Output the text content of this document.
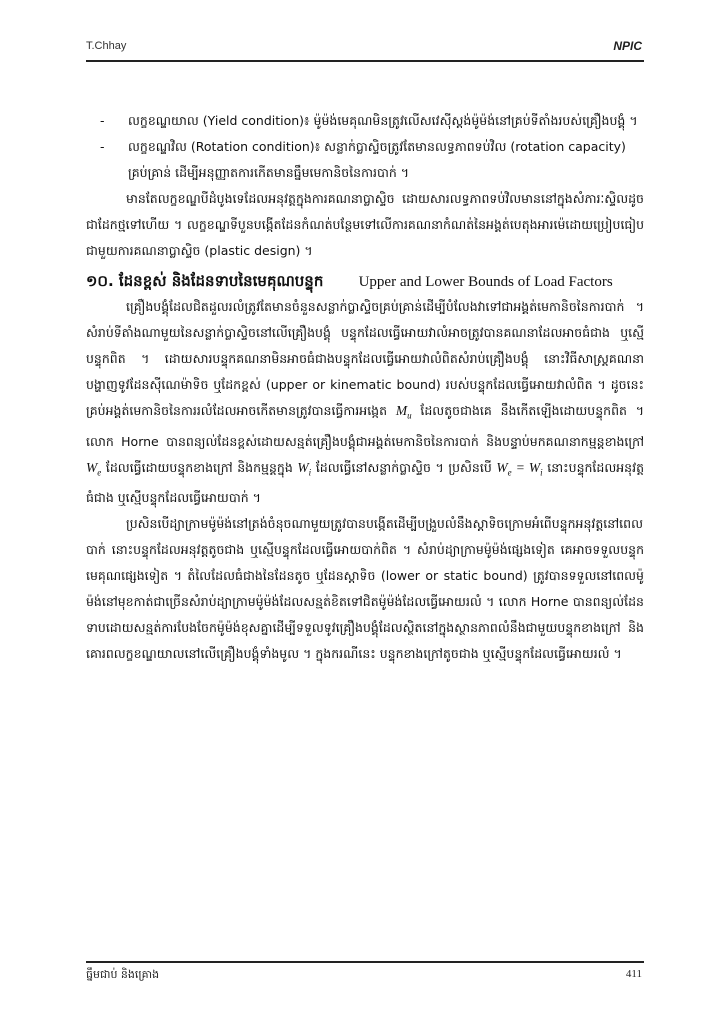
T.Chhay	NPIC
- លក្ខខណ្ឌយាល (Yield condition)៖ ម៉ូម៉ង់មេគុណមិនត្រូវលើសវេស៊ីស្តង់ម៉ូម៉ង់នៅគ្រប់ទីតាំងរបស់គ្រឿងបង្គុំ ។
- លក្ខខណ្ឌវិល (Rotation condition)៖ សន្លាក់ប្លាស្ទិចត្រូវតែមានលទ្ធភាពទប់វិល (rotation capacity) គ្រប់គ្រាន់ ដើម្បីអនុញ្ញាតការកើតមានធ្នឹមមេកានិចនៃការបាក់ ។
មានតែលក្ខខណ្ឌបីដំបូងទេដែលអនុវត្តក្នុងការគណនាប្លាស្ទិច ដោយសារលទ្ធភាពទប់វិលមាននៅក្នុងសំភារៈស្ទិលដូចជាដែកថ្មទៅហើយ ។ លក្ខខណ្ឌទីបួនបង្កើតដែនកំណត់បន្ថែមទៅលើការគណនាកំណត់នៃអង្គត់បេតុងអារម៉េដោយប្រៀបធៀបជាមួយការគណនាប្លាស្ទិច (plastic design) ។
១០. ដែនខ្ពស់ និងដែនទាបនៃមេគុណបន្ទុក Upper and Lower Bounds of Load Factors
គ្រឿងបង្គុំដែលជិតដួលរលំត្រូវតែមានចំនួនសន្លាក់ប្លាស្ទិចគ្រប់គ្រាន់ដើម្បីបំលែងវាទៅជាអង្គត់មេកានិចនៃការបាក់ ។ សំរាប់ទីតាំងណាមួយនៃសន្លាក់ប្លាស្ទិចនៅលើគ្រឿងបង្គុំ បន្ទុកដែលធ្វើអោយវាលំអាចត្រូវបានគណនាដែលអាចធំជាង ឬស្មើបន្ទុកពិត ។ ដោយសារបន្ទុកគណនាមិនអាចធំជាងបន្ទុកដែលធ្វើអោយវាលំពិតសំរាប់គ្រឿងបង្គុំ នោះវិធីសាស្រ្តគណនាបង្ហាញទូវដែនស៊ីណេម៉ាទិច ឬដែកខ្ពស់ (upper or kinematic bound) របស់បន្ទុកដែលធ្វើអោយវាលំពិត ។ ដូចនេះគ្រប់អង្គត់មេកានិចនៃការរលំដែលអាចកើតមានត្រូវបានធ្វើការអង្កេត $M_u$ ដែលតូចជាងគេ នឹងកើតឡើងដោយបន្ទុកពិត ។ លោក Horne បានពន្យល់ដែនខ្ពស់ដោយសន្មត់គ្រឿងបង្គុំជាអង្គត់មេកានិចនៃការបាក់ និងបន្ទាប់មកគណនាកម្មន្តខាងក្រៅ $W_e$ ដែលធ្វើដោយបន្ទុកខាងក្រៅ និងកម្មន្តក្នុង $W_i$ ដែលធ្វើនៅសន្លាក់ប្លាស្ទិច ។ ប្រសិនបើ $W_e = W_i$ នោះបន្ទុកដែលអនុវត្តធំជាង ឬស្មើបន្ទុកដែលធ្វើអោយបាក់ ។
ប្រសិនបើដ្យាក្រាមម៉ូម៉ង់នៅត្រង់ចំនុចណាមួយត្រូវបានបង្កើតដើម្បីបង្រួបលំនឹងស្តាទិចក្រោមអំពើបន្ទុកអនុវត្តនៅពេលបាក់ នោះបន្ទុកដែលអនុវត្តតូចជាង ឬស្មើបន្ទុកដែលធ្វើអោយបាក់ពិត ។ សំរាប់ដ្យាក្រាមម៉ូម៉ង់ផ្សេងទៀត គេអាចទទួលបន្ទុកមេគុណផ្សេងទៀត ។ តំលៃដែលធំជាងនៃដែនតូច ឬដែនស្តាទិច (lower or static bound) ត្រូវបានទទួលនៅពេលម៉ូម៉ង់នៅមុខកាត់ជាច្រើនសំរាប់ដ្យាក្រាមម៉ូម៉ង់ដែលសន្មត់ខិតទៅជិតម៉ូម៉ង់ដែលធ្វើអោយរលំ ។ លោក Horne បានពន្យល់ដែនទាបដោយសន្មត់ការបែងចែកម៉ូម៉ង់ខុសគ្នាដើម្បីទទួលទូវគ្រឿងបង្គុំដែលស្ថិតនៅក្នុងស្ថានភាពលំនឹងជាមួយបន្ទុកខាងក្រៅ និងគោរពលក្ខខណ្ឌយាលនៅលើគ្រឿងបង្គុំទាំងមូល ។ ក្នុងករណីនេះ បន្ទុកខាងក្រៅតូចជាង ឬស្មើបន្ទុកដែលធ្វើអោយរលំ ។
ធ្នឹមជាប់ និងគ្រោង	411
